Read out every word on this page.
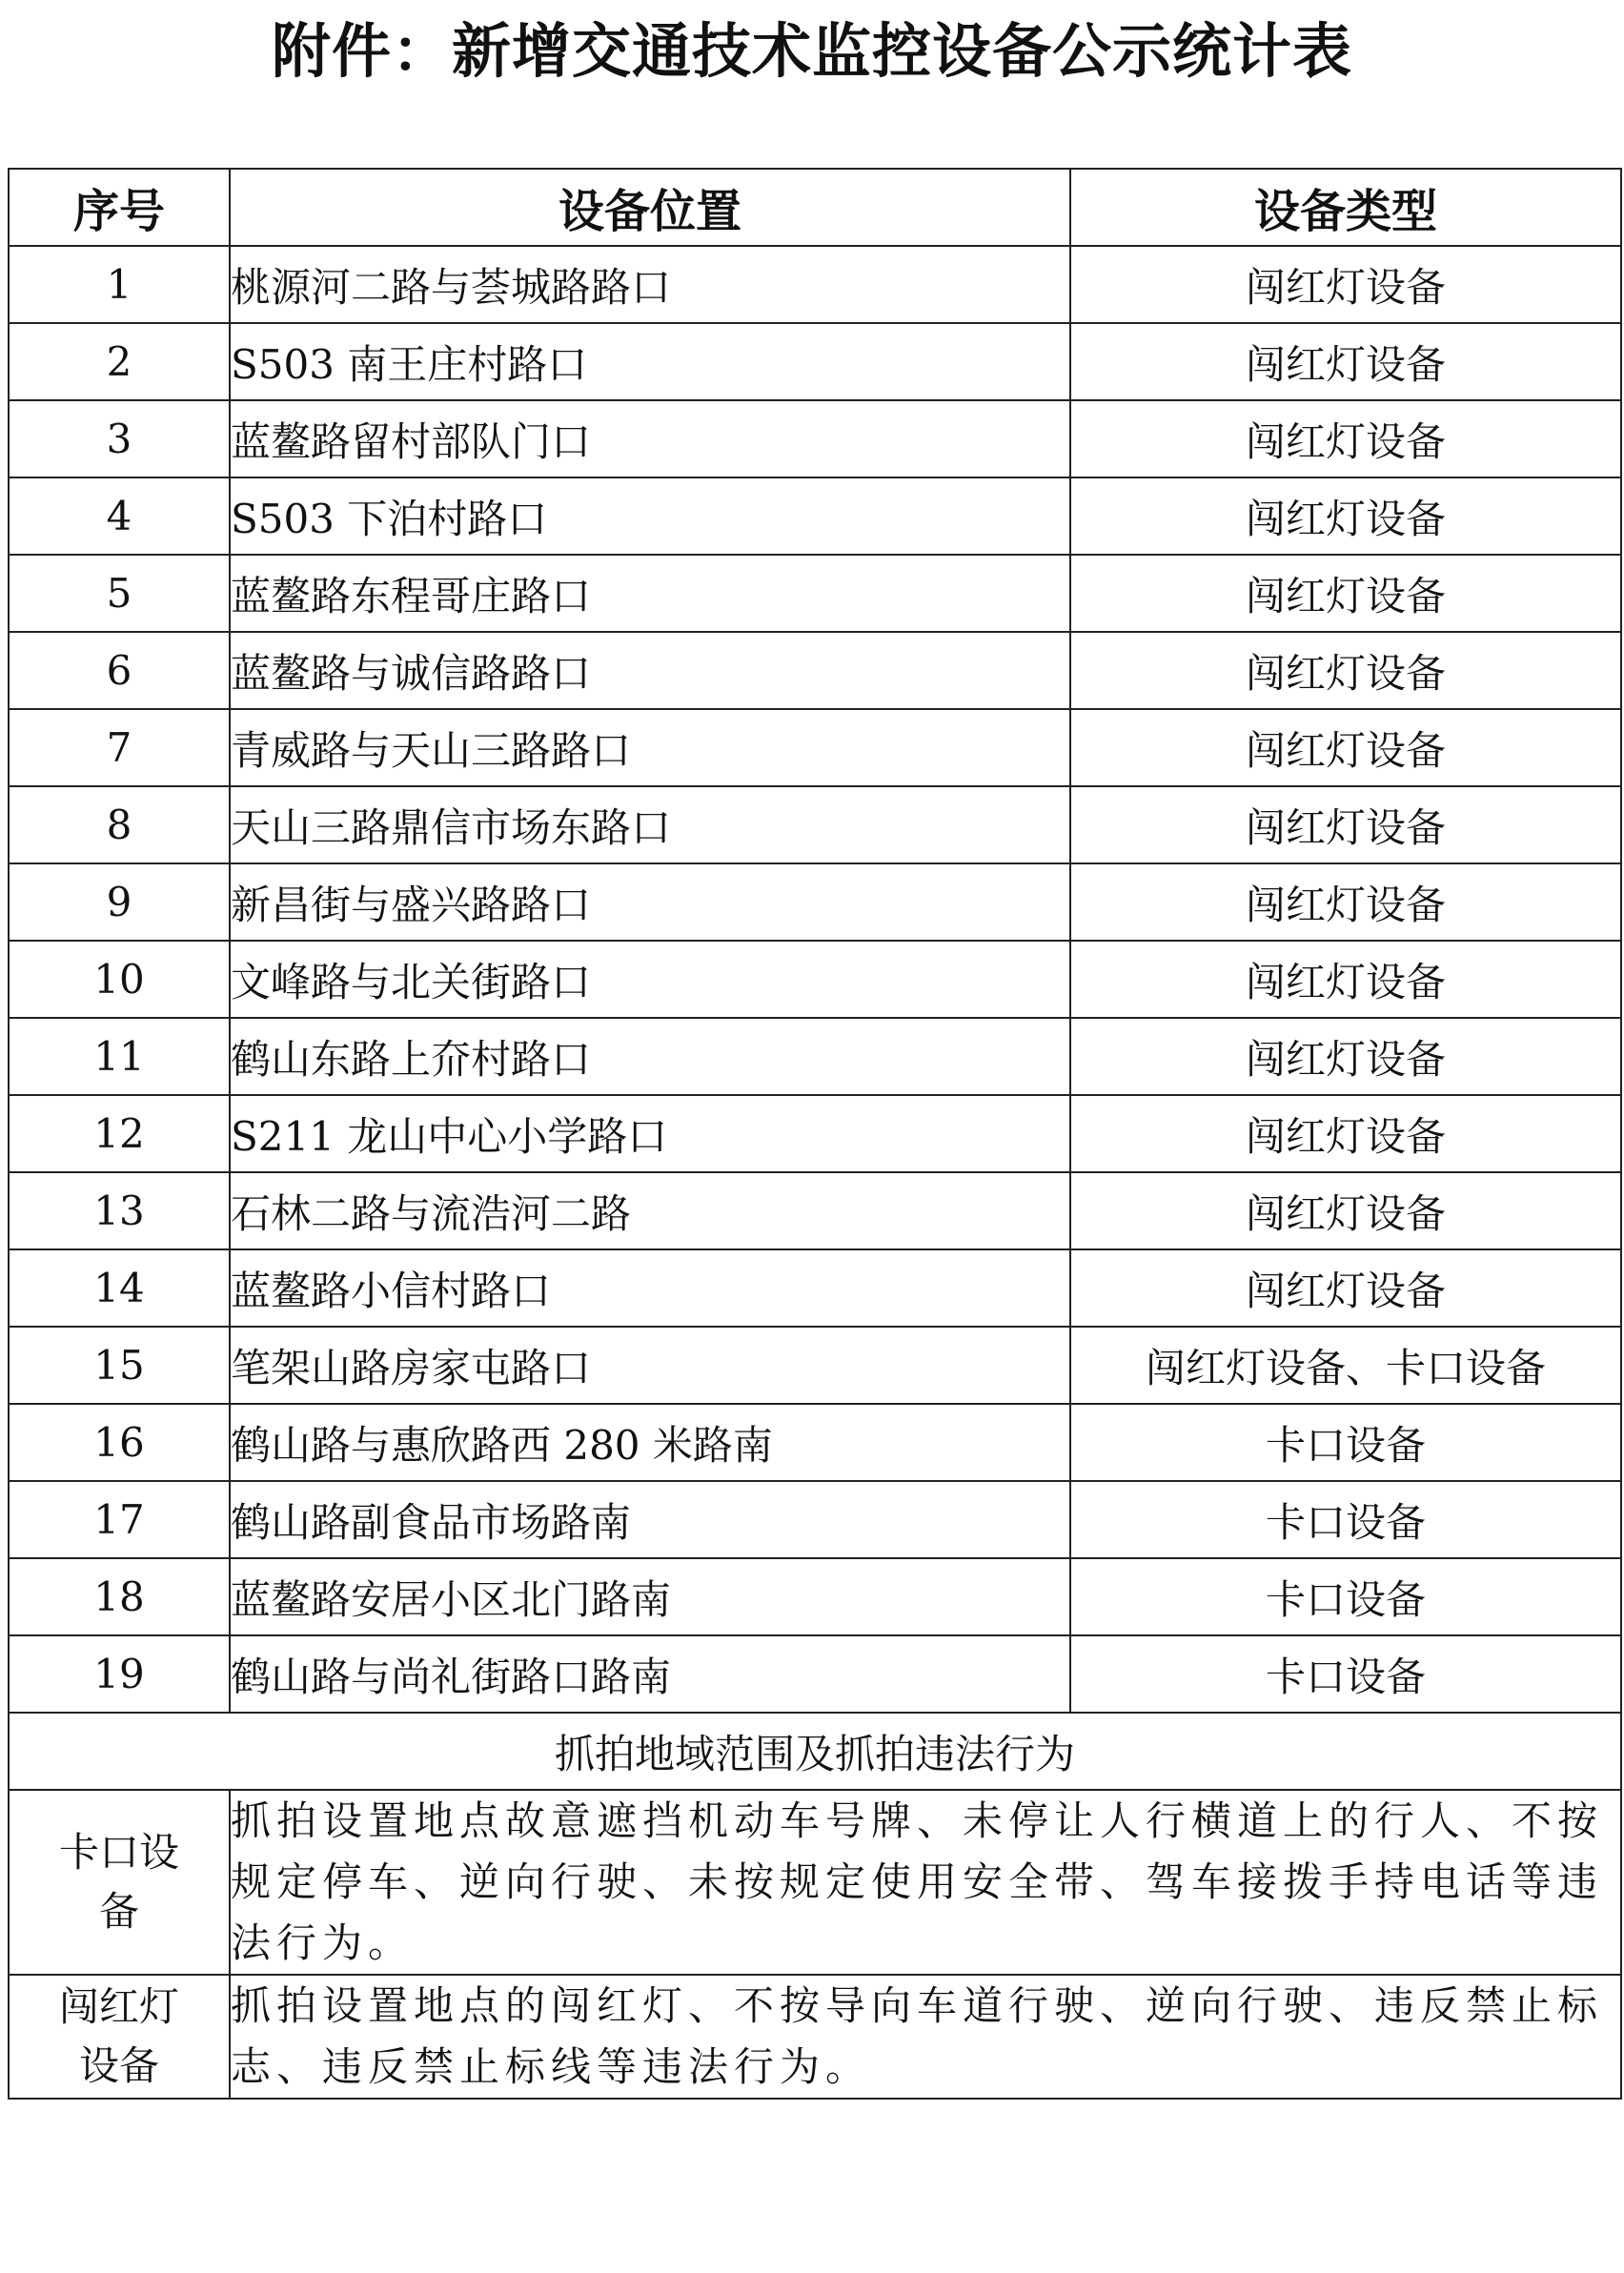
附件：新增交通技术监控设备公示统计表
序号	设备位置	设备类型
1	桃源河二路与荟城路路口	闯红灯设备
2	S503 南王庄村路口	闯红灯设备
3	蓝鳌路留村部队门口	闯红灯设备
4	S503 下泊村路口	闯红灯设备
5	蓝鳌路东程哥庄路口	闯红灯设备
6	蓝鳌路与诚信路路口	闯红灯设备
7	青威路与天山三路路口	闯红灯设备
8	天山三路鼎信市场东路口	闯红灯设备
9	新昌街与盛兴路路口	闯红灯设备
10	文峰路与北关街路口	闯红灯设备
11	鹤山东路上夼村路口	闯红灯设备
12	S211 龙山中心小学路口	闯红灯设备
13	石林二路与流浩河二路	闯红灯设备
14	蓝鳌路小信村路口	闯红灯设备
15	笔架山路房家屯路口	闯红灯设备、卡口设备
16	鹤山路与惠欣路西 280 米路南	卡口设备
17	鹤山路副食品市场路南	卡口设备
18	蓝鳌路安居小区北门路南	卡口设备
19	鹤山路与尚礼街路口路南	卡口设备
抓拍地域范围及抓拍违法行为		

卡口设
备	抓拍设置地点故意遮挡机动车号牌、未停让人行横道上的行人、不按规定停车、逆向行驶、未按规定使用安全带、驾车接拨手持电话等违法行为。	

闯红灯
设备	抓拍设置地点的闯红灯、不按导向车道行驶、逆向行驶、违反禁止标志、违反禁止标线等违法行为。	
